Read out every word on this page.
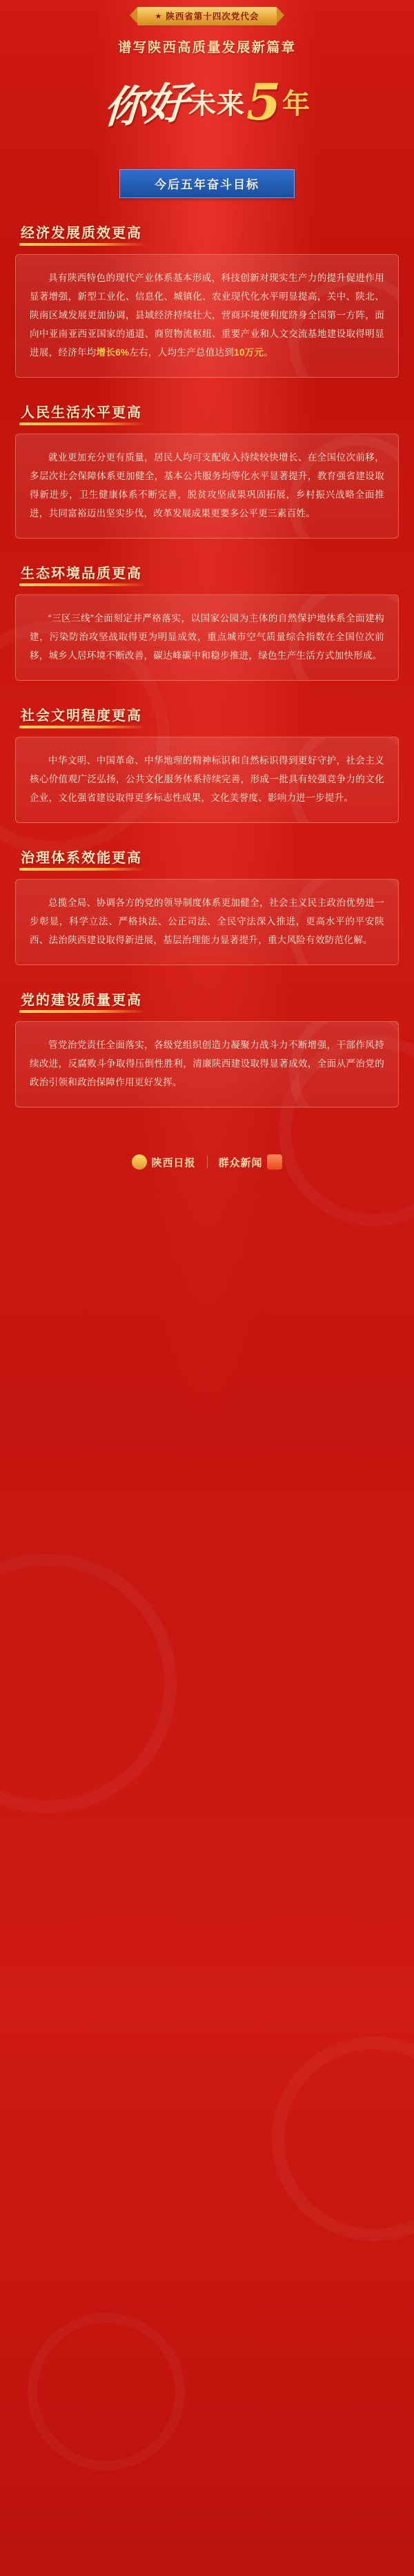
★ 陕西省第十四次党代会
谱写陕西高质量发展新篇章
你好未来5年
今后五年奋斗目标
经济发展质效更高

具有陕西特色的现代产业体系基本形成，科技创新对现实生产力的提升促进作用显著增强，新型工业化、信息化、城镇化、农业现代化水平明显提高，关中、陕北、陕南区域发展更加协调，县域经济持续壮大，营商环境便利度跻身全国第一方阵，面向中亚南亚西亚国家的通道、商贸物流枢纽、重要产业和人文交流基地建设取得明显进展，经济年均增长6%左右，人均生产总值达到10万元。

人民生活水平更高

就业更加充分更有质量，居民人均可支配收入持续较快增长、在全国位次前移，多层次社会保障体系更加健全，基本公共服务均等化水平显著提升，教育强省建设取得新进步，卫生健康体系不断完善，脱贫攻坚成果巩固拓展，乡村振兴战略全面推进，共同富裕迈出坚实步伐，改革发展成果更要多公平更三素百姓。

生态环境品质更高

“三区三线”全面刻定并严格落实，以国家公园为主体的自然保护地体系全面建构建，污染防治攻坚战取得更为明显成效，重点城市空气质量综合指数在全国位次前移，城乡人居环境不断改善，碳达峰碳中和稳步推进，绿色生产生活方式加快形成。

社会文明程度更高

中华文明、中国革命、中华地理的精神标识和自然标识得到更好守护，社会主义核心价值观广泛弘扬，公共文化服务体系持续完善，形成一批具有较强竞争力的文化企业，文化强省建设取得更多标志性成果，文化美誉度、影响力进一步提升。

治理体系效能更高

总揽全局、协调各方的党的领导制度体系更加健全，社会主义民主政治优势进一步彰显，科学立法、严格执法、公正司法、全民守法深入推进，更高水平的平安陕西、法治陕西建设取得新进展，基层治理能力显著提升，重大风险有效防范化解。

党的建设质量更高

管党治党责任全面落实，各级党组织创造力凝聚力战斗力不断增强，干部作风持续改进，反腐败斗争取得压倒性胜利，清廉陕西建设取得显著成效，全面从严治党的政治引领和政治保障作用更好发挥。

陕西日报 群众新闻
